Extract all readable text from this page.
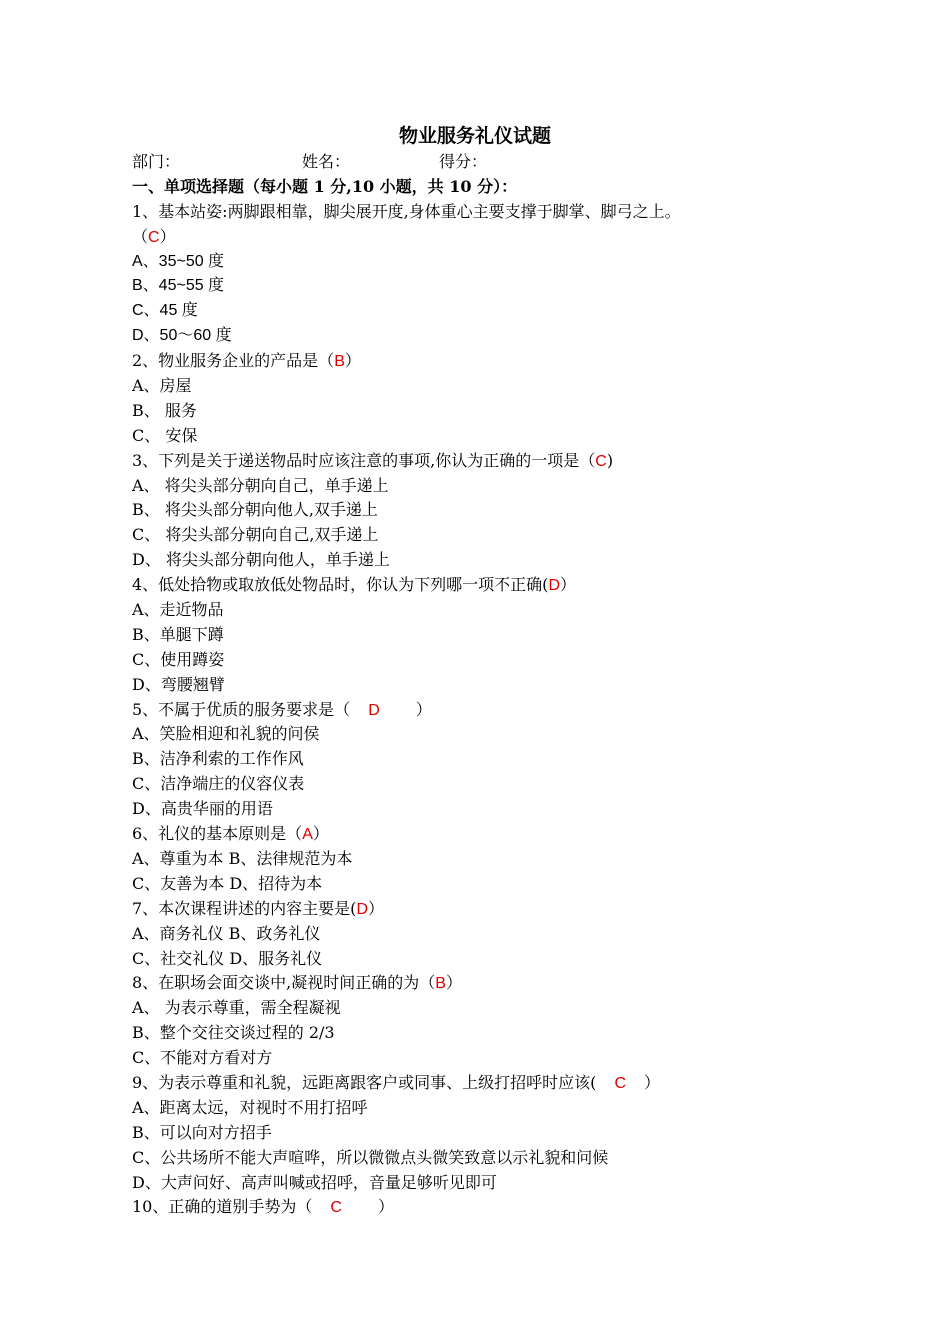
物业服务礼仪试题
部门：	姓名：	得分：
一、单项选择题（每小题 1 分,10 小题，共 10 分）：
1、基本站姿:两脚跟相靠，脚尖展开度,身体重心主要支撑于脚掌、脚弓之上。
（C）
A、35~50 度
B、45~55 度
C、45 度
D、50～60 度
2、物业服务企业的产品是（B）
A、房屋
B、 服务
C、 安保
3、下列是关于递送物品时应该注意的事项,你认为正确的一项是（C)
A、 将尖头部分朝向自己，单手递上
B、 将尖头部分朝向他人,双手递上
C、 将尖头部分朝向自己,双手递上
D、 将尖头部分朝向他人，单手递上
4、低处拾物或取放低处物品时，你认为下列哪一项不正确(D）
A、走近物品
B、单腿下蹲
C、使用蹲姿
D、弯腰翘臂
5、不属于优质的服务要求是（ D ）
A、笑脸相迎和礼貌的问侯
B、洁净利索的工作作风
C、洁净端庄的仪容仪表
D、高贵华丽的用语
6、礼仪的基本原则是（A）
A、尊重为本 B、法律规范为本
C、友善为本 D、招待为本
7、本次课程讲述的内容主要是(D）
A、商务礼仪 B、政务礼仪
C、社交礼仪 D、服务礼仪
8、在职场会面交谈中,凝视时间正确的为（B）
A、 为表示尊重，需全程凝视
B、整个交往交谈过程的 2/3
C、不能对方看对方
9、为表示尊重和礼貌，远距离跟客户或同事、上级打招呼时应该( C ）
A、距离太远，对视时不用打招呼
B、可以向对方招手
C、公共场所不能大声喧哗，所以微微点头微笑致意以示礼貌和问候
D、大声问好、高声叫喊或招呼，音量足够听见即可
10、正确的道别手势为（ C ）
